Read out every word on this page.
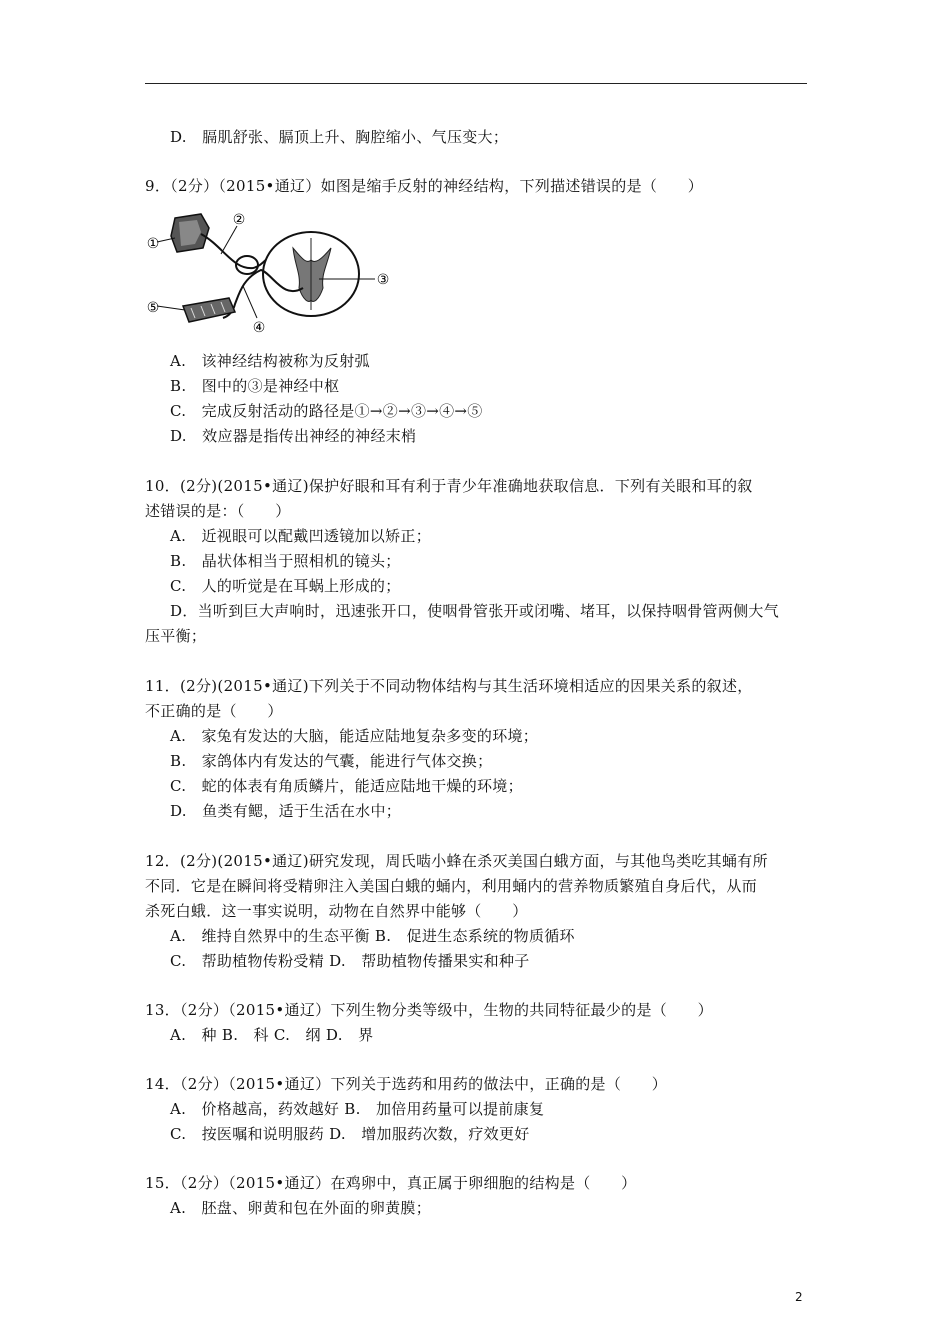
D.　膈肌舒张、膈顶上升、胸腔缩小、气压变大；
9．（2分）（2015•通辽）如图是缩手反射的神经结构，下列描述错误的是（　　）
①
②
③
④
⑤
A.　该神经结构被称为反射弧
B.　图中的③是神经中枢
C.　完成反射活动的路径是①→②→③→④→⑤
D.　效应器是指传出神经的神经末梢
10．(2分)(2015•通辽)保护好眼和耳有利于青少年准确地获取信息．下列有关眼和耳的叙
述错误的是：（　　）
A.　近视眼可以配戴凹透镜加以矫正；
B.　晶状体相当于照相机的镜头；
C.　人的听觉是在耳蜗上形成的；
D．当听到巨大声响时，迅速张开口，使咽骨管张开或闭嘴、堵耳，以保持咽骨管两侧大气
压平衡；
11．(2分)(2015•通辽)下列关于不同动物体结构与其生活环境相适应的因果关系的叙述，
不正确的是（　　）
A.　家兔有发达的大脑，能适应陆地复杂多变的环境；
B.　家鸽体内有发达的气囊，能进行气体交换；
C.　蛇的体表有角质鳞片，能适应陆地干燥的环境；
D.　鱼类有鳃，适于生活在水中；
12．(2分)(2015•通辽)研究发现，周氏啮小蜂在杀灭美国白蛾方面，与其他鸟类吃其蛹有所
不同．它是在瞬间将受精卵注入美国白蛾的蛹内，利用蛹内的营养物质繁殖自身后代，从而
杀死白蛾．这一事实说明，动物在自然界中能够（　　）
A.　维持自然界中的生态平衡 B.　促进生态系统的物质循环
C.　帮助植物传粉受精 D.　帮助植物传播果实和种子
13．（2分）（2015•通辽）下列生物分类等级中，生物的共同特征最少的是（　　）
A.　种 B.　科 C.　纲 D.　界
14．（2分）（2015•通辽）下列关于选药和用药的做法中，正确的是（　　）
A.　价格越高，药效越好 B.　加倍用药量可以提前康复
C.　按医嘱和说明服药 D.　增加服药次数，疗效更好
15．（2分）（2015•通辽）在鸡卵中，真正属于卵细胞的结构是（　　）
A.　胚盘、卵黄和包在外面的卵黄膜；
2
